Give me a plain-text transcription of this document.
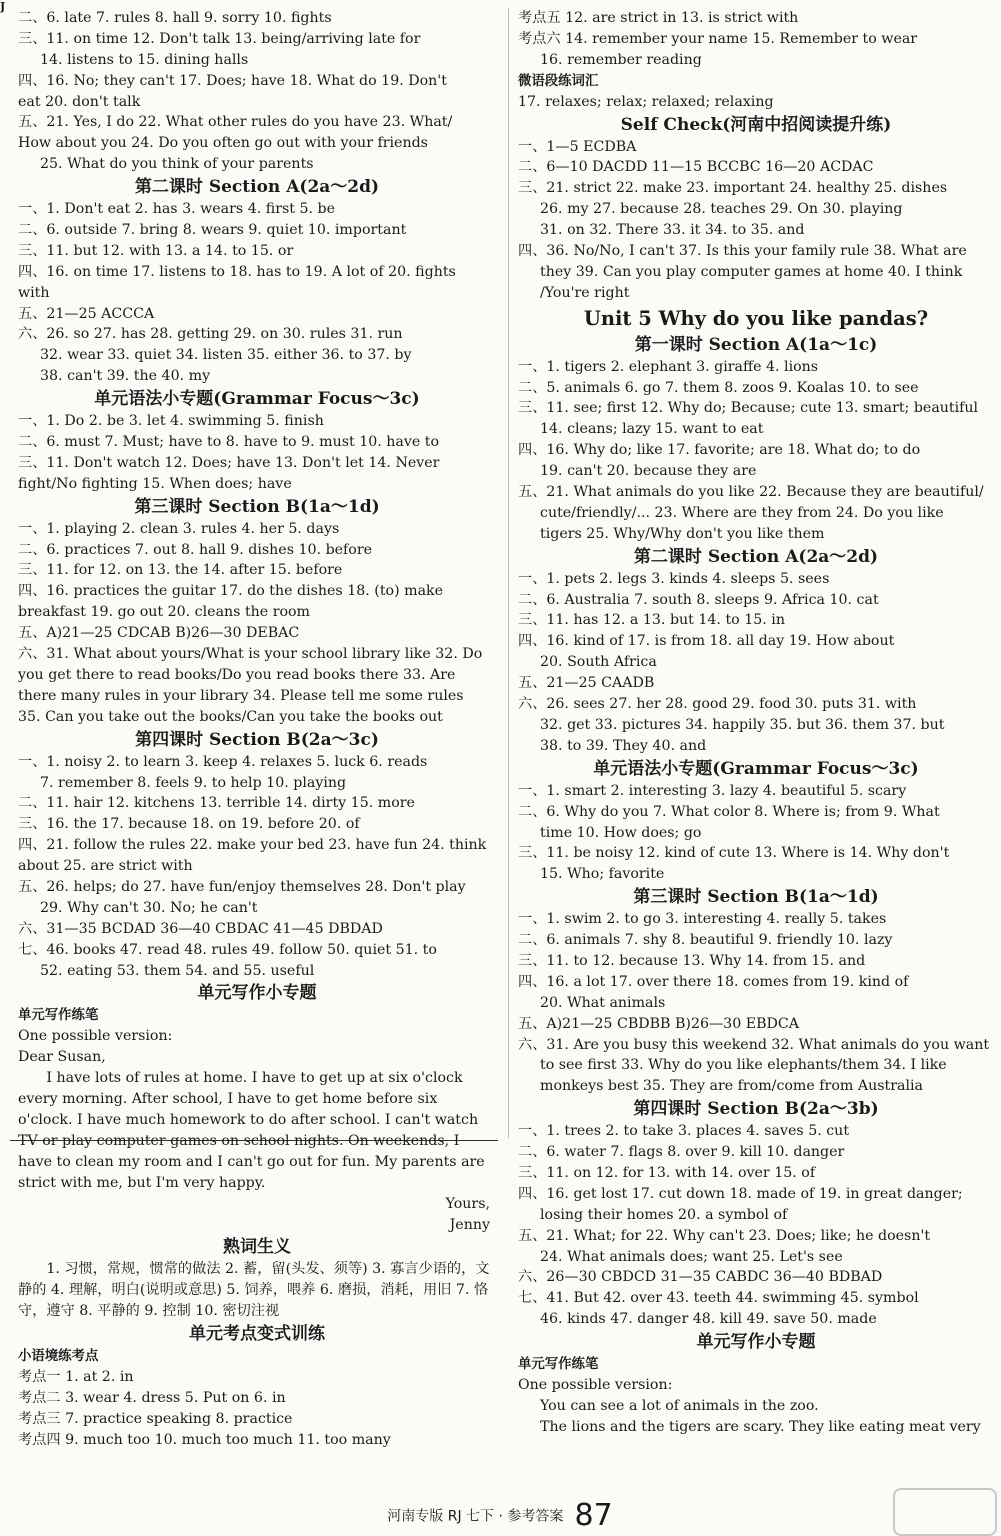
J
二、6. late 7. rules 8. hall 9. sorry 10. fights
三、11. on time 12. Don't talk 13. being/arriving late for
14. listens to 15. dining halls
四、16. No; they can't 17. Does; have 18. What do 19. Don't
eat 20. don't talk
五、21. Yes, I do 22. What other rules do you have 23. What/
How about you 24. Do you often go out with your friends
25. What do you think of your parents
第二课时 Section A(2a～2d)
一、1. Don't eat 2. has 3. wears 4. first 5. be
二、6. outside 7. bring 8. wears 9. quiet 10. important
三、11. but 12. with 13. a 14. to 15. or
四、16. on time 17. listens to 18. has to 19. A lot of 20. fights
with
五、21—25 ACCCA
六、26. so 27. has 28. getting 29. on 30. rules 31. run
32. wear 33. quiet 34. listen 35. either 36. to 37. by
38. can't 39. the 40. my
单元语法小专题(Grammar Focus～3c)
一、1. Do 2. be 3. let 4. swimming 5. finish
二、6. must 7. Must; have to 8. have to 9. must 10. have to
三、11. Don't watch 12. Does; have 13. Don't let 14. Never
fight/No fighting 15. When does; have
第三课时 Section B(1a～1d)
一、1. playing 2. clean 3. rules 4. her 5. days
二、6. practices 7. out 8. hall 9. dishes 10. before
三、11. for 12. on 13. the 14. after 15. before
四、16. practices the guitar 17. do the dishes 18. (to) make
breakfast 19. go out 20. cleans the room
五、A)21—25 CDCAB B)26—30 DEBAC
六、31. What about yours/What is your school library like 32. Do
you get there to read books/Do you read books there 33. Are
there many rules in your library 34. Please tell me some rules
35. Can you take out the books/Can you take the books out
第四课时 Section B(2a～3c)
一、1. noisy 2. to learn 3. keep 4. relaxes 5. luck 6. reads
7. remember 8. feels 9. to help 10. playing
二、11. hair 12. kitchens 13. terrible 14. dirty 15. more
三、16. the 17. because 18. on 19. before 20. of
四、21. follow the rules 22. make your bed 23. have fun 24. think
about 25. are strict with
五、26. helps; do 27. have fun/enjoy themselves 28. Don't play
29. Why can't 30. No; he can't
六、31—35 BCDAD 36—40 CBDAC 41—45 DBDAD
七、46. books 47. read 48. rules 49. follow 50. quiet 51. to
52. eating 53. them 54. and 55. useful
单元写作小专题
单元写作练笔
One possible version:
Dear Susan,
I have lots of rules at home. I have to get up at six o'clock every morning. After school, I have to get home before six o'clock. I have much homework to do after school. I can't watch TV or play computer games on school nights. On weekends, I have to clean my room and I can't go out for fun. My parents are strict with me, but I'm very happy.
Yours,
Jenny
熟词生义
1. 习惯，常规，惯常的做法 2. 蓄，留(头发、须等) 3. 寡言少语的，文静的 4. 理解，明白(说明或意思) 5. 饲养，喂养 6. 磨损，消耗，用旧 7. 恪守，遵守 8. 平静的 9. 控制 10. 密切注视
单元考点变式训练
小语境练考点
考点一 1. at 2. in
考点二 3. wear 4. dress 5. Put on 6. in
考点三 7. practice speaking 8. practice
考点四 9. much too 10. much too much 11. too many
考点五 12. are strict in 13. is strict with
考点六 14. remember your name 15. Remember to wear
16. remember reading
微语段练词汇
17. relaxes; relax; relaxed; relaxing
Self Check(河南中招阅读提升练)
一、1—5 ECDBA
二、6—10 DACDD 11—15 BCCBC 16—20 ACDAC
三、21. strict 22. make 23. important 24. healthy 25. dishes
26. my 27. because 28. teaches 29. On 30. playing
31. on 32. There 33. it 34. to 35. and
四、36. No/No, I can't 37. Is this your family rule 38. What are
they 39. Can you play computer games at home 40. I think
/You're right
Unit 5 Why do you like pandas?
第一课时 Section A(1a～1c)
一、1. tigers 2. elephant 3. giraffe 4. lions
二、5. animals 6. go 7. them 8. zoos 9. Koalas 10. to see
三、11. see; first 12. Why do; Because; cute 13. smart; beautiful
14. cleans; lazy 15. want to eat
四、16. Why do; like 17. favorite; are 18. What do; to do
19. can't 20. because they are
五、21. What animals do you like 22. Because they are beautiful/
cute/friendly/... 23. Where are they from 24. Do you like
tigers 25. Why/Why don't you like them
第二课时 Section A(2a～2d)
一、1. pets 2. legs 3. kinds 4. sleeps 5. sees
二、6. Australia 7. south 8. sleeps 9. Africa 10. cat
三、11. has 12. a 13. but 14. to 15. in
四、16. kind of 17. is from 18. all day 19. How about
20. South Africa
五、21—25 CAADB
六、26. sees 27. her 28. good 29. food 30. puts 31. with
32. get 33. pictures 34. happily 35. but 36. them 37. but
38. to 39. They 40. and
单元语法小专题(Grammar Focus～3c)
一、1. smart 2. interesting 3. lazy 4. beautiful 5. scary
二、6. Why do you 7. What color 8. Where is; from 9. What
time 10. How does; go
三、11. be noisy 12. kind of cute 13. Where is 14. Why don't
15. Who; favorite
第三课时 Section B(1a～1d)
一、1. swim 2. to go 3. interesting 4. really 5. takes
二、6. animals 7. shy 8. beautiful 9. friendly 10. lazy
三、11. to 12. because 13. Why 14. from 15. and
四、16. a lot 17. over there 18. comes from 19. kind of
20. What animals
五、A)21—25 CBDBB B)26—30 EBDCA
六、31. Are you busy this weekend 32. What animals do you want
to see first 33. Why do you like elephants/them 34. I like
monkeys best 35. They are from/come from Australia
第四课时 Section B(2a～3b)
一、1. trees 2. to take 3. places 4. saves 5. cut
二、6. water 7. flags 8. over 9. kill 10. danger
三、11. on 12. for 13. with 14. over 15. of
四、16. get lost 17. cut down 18. made of 19. in great danger;
losing their homes 20. a symbol of
五、21. What; for 22. Why can't 23. Does; like; he doesn't
24. What animals does; want 25. Let's see
六、26—30 CBDCD 31—35 CABDC 36—40 BDBAD
七、41. But 42. over 43. teeth 44. swimming 45. symbol
46. kinds 47. danger 48. kill 49. save 50. made
单元写作小专题
单元写作练笔
One possible version:
You can see a lot of animals in the zoo.
The lions and the tigers are scary. They like eating meat very
河南专版 RJ 七下 · 参考答案 87
